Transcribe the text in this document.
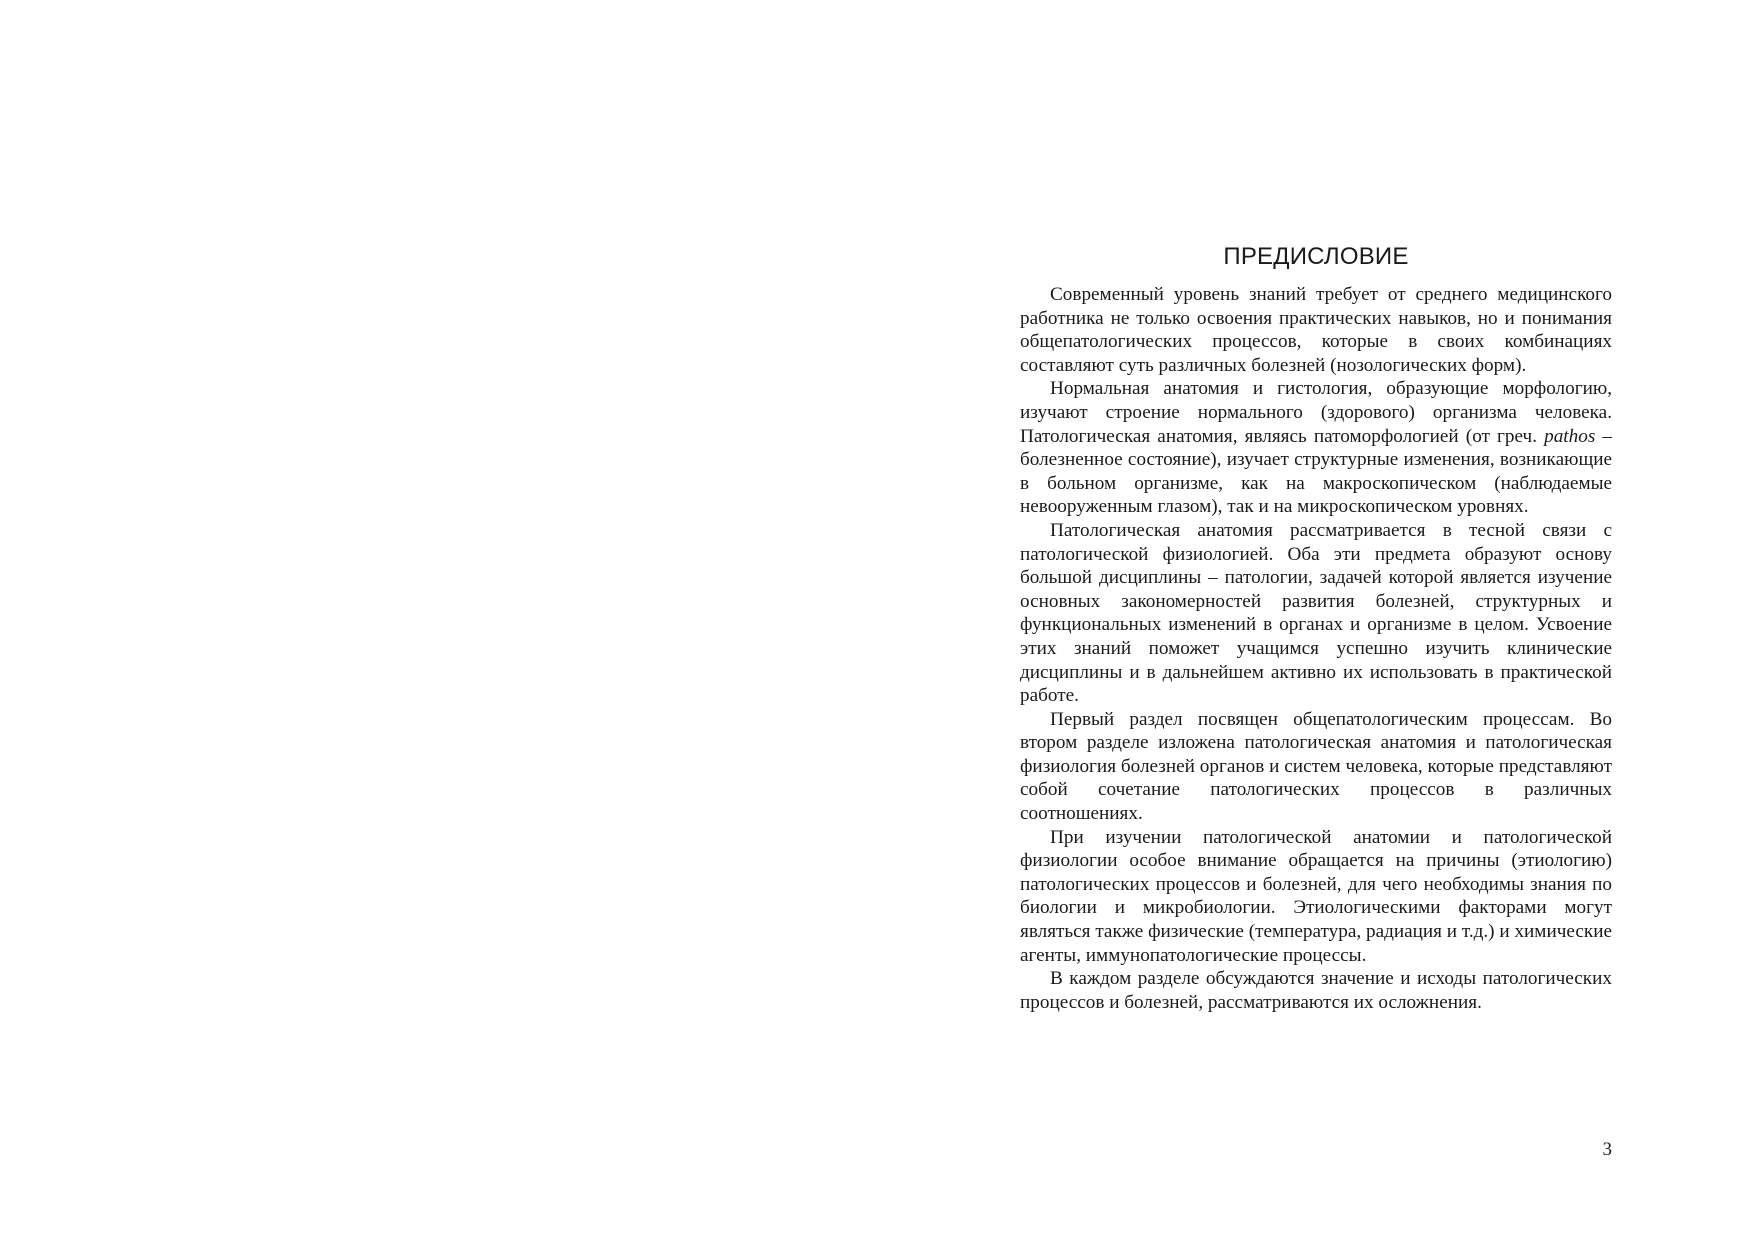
ПРЕДИСЛОВИЕ

Современный уровень знаний требует от среднего медицинского работника не только освоения практических навыков, но и понимания общепатологических процессов, которые в своих комбинациях составляют суть различных болезней (нозологических форм).

Нормальная анатомия и гистология, образующие морфологию, изучают строение нормального (здорового) организма человека. Патологическая анатомия, являясь патоморфологией (от греч. pathos – болезненное состояние), изучает структурные изменения, возникающие в больном организме, как на макроскопическом (наблюдаемые невооруженным глазом), так и на микроскопическом уровнях.

Патологическая анатомия рассматривается в тесной связи с патологической физиологией. Оба эти предмета образуют основу большой дисциплины – патологии, задачей которой является изучение основных закономерностей развития болезней, структурных и функциональных изменений в органах и организме в целом. Усвоение этих знаний поможет учащимся успешно изучить клинические дисциплины и в дальнейшем активно их использовать в практической работе.

Первый раздел посвящен общепатологическим процессам. Во втором разделе изложена патологическая анатомия и патологическая физиология болезней органов и систем человека, которые представляют собой сочетание патологических процессов в различных соотношениях.

При изучении патологической анатомии и патологической физиологии особое внимание обращается на причины (этиологию) патологических процессов и болезней, для чего необходимы знания по биологии и микробиологии. Этиологическими факторами могут являться также физические (температура, радиация и т.д.) и химические агенты, иммунопатологические процессы.

В каждом разделе обсуждаются значение и исходы патологических процессов и болезней, рассматриваются их осложнения.

3
